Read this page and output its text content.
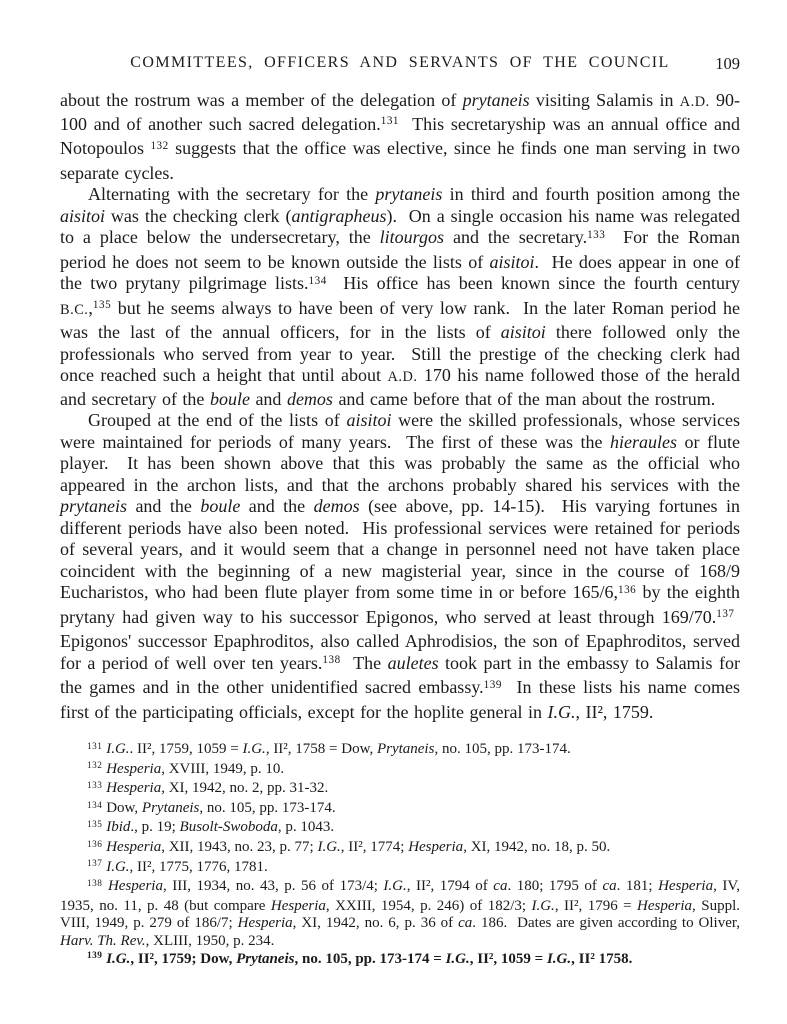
COMMITTEES, OFFICERS AND SERVANTS OF THE COUNCIL	109

about the rostrum was a member of the delegation of prytaneis visiting Salamis in A.D. 90-100 and of another such sacred delegation.$^{131}$  This secretaryship was an annual office and Notopoulos $^{132}$ suggests that the office was elective, since he finds one man serving in two separate cycles.

Alternating with the secretary for the prytaneis in third and fourth position among the aisitoi was the checking clerk (antigrapheus).  On a single occasion his name was relegated to a place below the undersecretary, the litourgos and the secretary.$^{133}$  For the Roman period he does not seem to be known outside the lists of aisitoi.  He does appear in one of the two prytany pilgrimage lists.$^{134}$  His office has been known since the fourth century B.C.,$^{135}$ but he seems always to have been of very low rank.  In the later Roman period he was the last of the annual officers, for in the lists of aisitoi there followed only the professionals who served from year to year.  Still the prestige of the checking clerk had once reached such a height that until about A.D. 170 his name followed those of the herald and secretary of the boule and demos and came before that of the man about the rostrum.

Grouped at the end of the lists of aisitoi were the skilled professionals, whose services were maintained for periods of many years.  The first of these was the hieraules or flute player.  It has been shown above that this was probably the same as the official who appeared in the archon lists, and that the archons probably shared his services with the prytaneis and the boule and the demos (see above, pp. 14-15).  His varying fortunes in different periods have also been noted.  His professional services were retained for periods of several years, and it would seem that a change in personnel need not have taken place coincident with the beginning of a new magisterial year, since in the course of 168/9 Eucharistos, who had been flute player from some time in or before 165/6,$^{136}$ by the eighth prytany had given way to his successor Epigonos, who served at least through 169/70.$^{137}$  Epigonos' successor Epaphroditos, also called Aphrodisios, the son of Epaphroditos, served for a period of well over ten years.$^{138}$  The auletes took part in the embassy to Salamis for the games and in the other unidentified sacred embassy.$^{139}$  In these lists his name comes first of the participating officials, except for the hoplite general in I.G., II², 1759.

$^{131}$ I.G.. II², 1759, 1059 = I.G., II², 1758 = Dow, Prytaneis, no. 105, pp. 173-174.

$^{132}$ Hesperia, XVIII, 1949, p. 10.

$^{133}$ Hesperia, XI, 1942, no. 2, pp. 31-32.

$^{134}$ Dow, Prytaneis, no. 105, pp. 173-174.

$^{135}$ Ibid., p. 19; Busolt-Swoboda, p. 1043.

$^{136}$ Hesperia, XII, 1943, no. 23, p. 77; I.G., II², 1774; Hesperia, XI, 1942, no. 18, p. 50.

$^{137}$ I.G., II², 1775, 1776, 1781.

$^{138}$ Hesperia, III, 1934, no. 43, p. 56 of 173/4; I.G., II², 1794 of ca. 180; 1795 of ca. 181; Hesperia, IV, 1935, no. 11, p. 48 (but compare Hesperia, XXIII, 1954, p. 246) of 182/3; I.G., II², 1796 = Hesperia, Suppl. VIII, 1949, p. 279 of 186/7; Hesperia, XI, 1942, no. 6, p. 36 of ca. 186.  Dates are given according to Oliver, Harv. Th. Rev., XLIII, 1950, p. 234.

$^{139}$ I.G., II², 1759; Dow, Prytaneis, no. 105, pp. 173-174 = I.G., II², 1059 = I.G., II² 1758.
